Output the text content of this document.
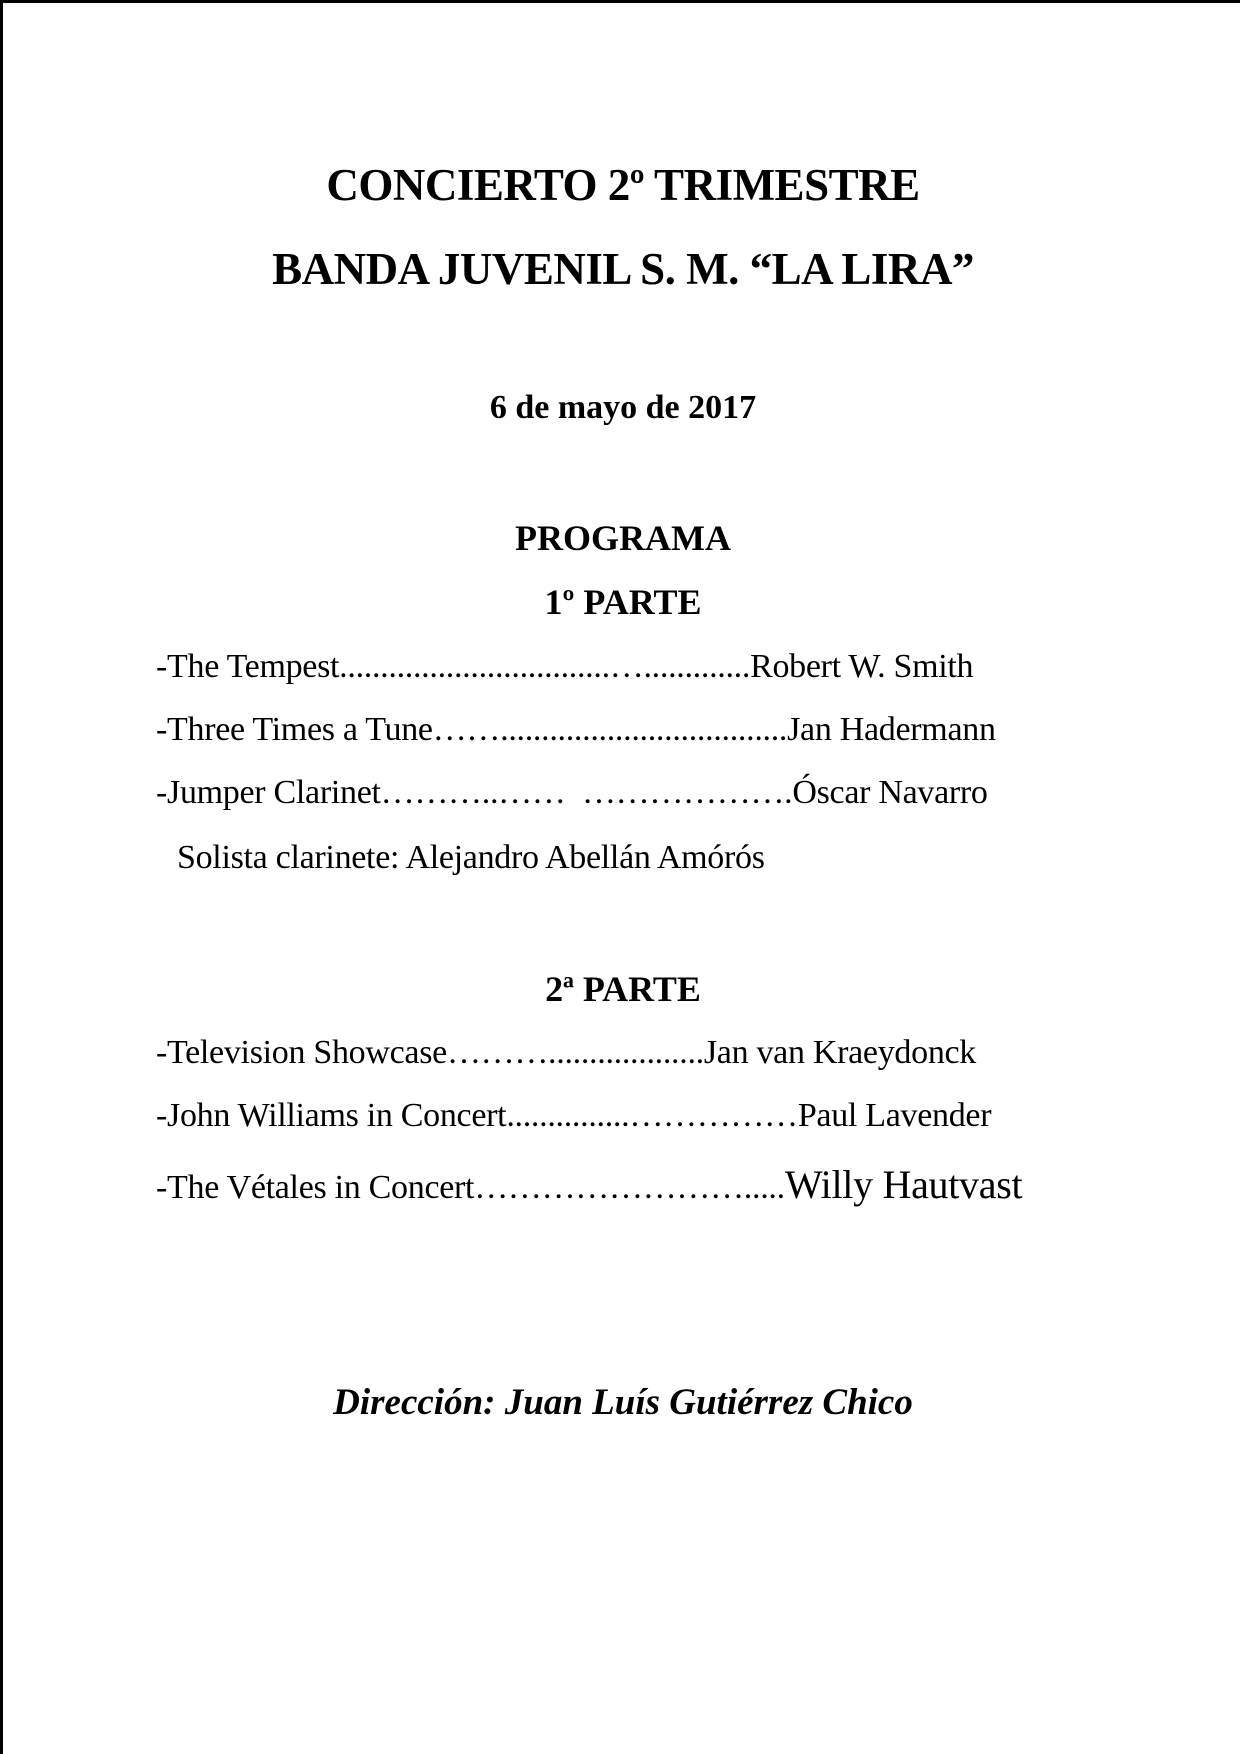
CONCIERTO 2º TRIMESTRE
BANDA JUVENIL S. M. “LA LIRA”
6 de mayo de 2017
PROGRAMA
1º PARTE
-The Tempest.................................….............Robert W. Smith
-Three Times a Tune……...................................Jan Hadermann
-Jumper Clarinet………..……  ……………….Óscar Navarro
Solista clarinete: Alejandro Abellán Amórós
2ª PARTE
-Television Showcase………...................Jan van Kraeydonck
-John Williams in Concert...............……………Paul Lavender
-The Vétales in Concert…………………….....Willy Hautvast
Dirección: Juan Luís Gutiérrez Chico
